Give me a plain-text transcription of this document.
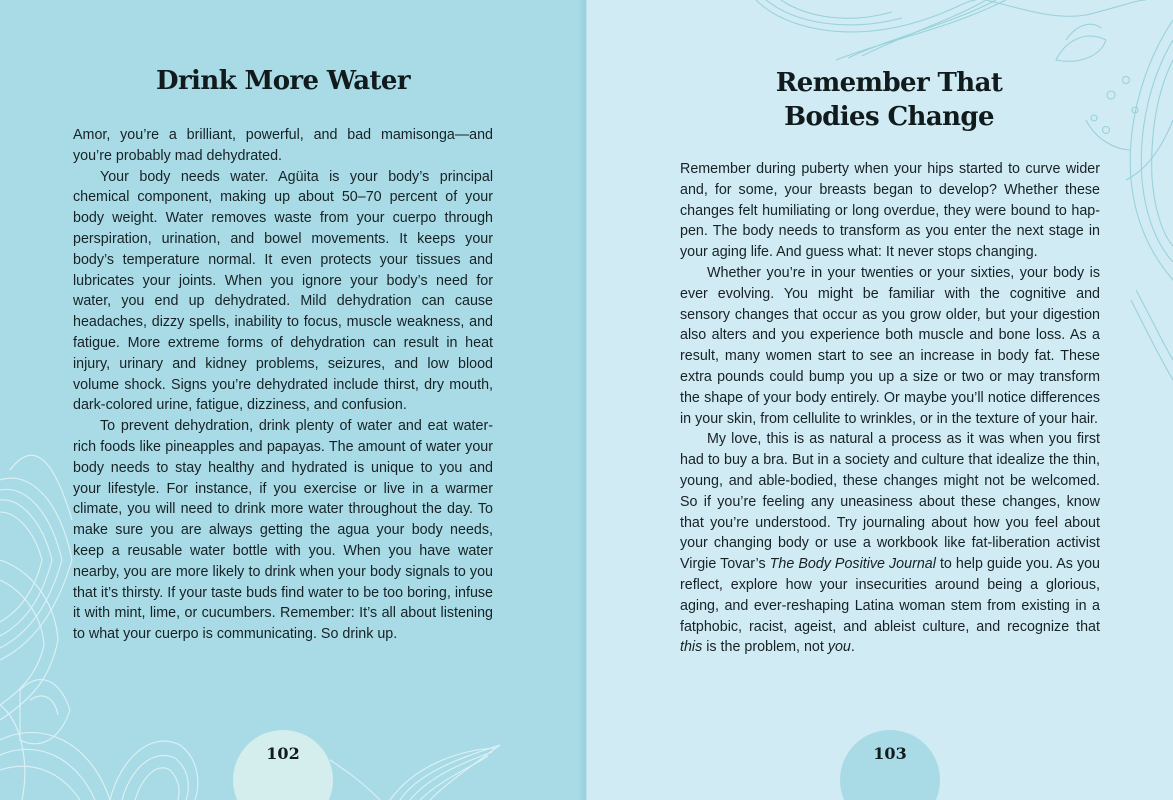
Drink More Water

Amor, you’re a brilliant, powerful, and bad mamisonga—and you’re probably mad dehydrated.

Your body needs water. Agüita is your body’s principal chemical component, making up about 50–70 percent of your body weight. Water removes waste from your cuerpo through perspiration, urination, and bowel movements. It keeps your body’s temperature normal. It even protects your tissues and lubricates your joints. When you ignore your body’s need for water, you end up dehydrated. Mild dehydration can cause headaches, dizzy spells, inability to focus, muscle weakness, and fatigue. More extreme forms of dehydration can result in heat injury, urinary and kidney problems, seizures, and low blood volume shock. Signs you’re dehydrated include thirst, dry mouth, dark-colored urine, fatigue, dizziness, and confusion.

To prevent dehydration, drink plenty of water and eat water-rich foods like pineapples and papayas. The amount of water your body needs to stay healthy and hydrated is unique to you and your lifestyle. For instance, if you exercise or live in a warmer climate, you will need to drink more water throughout the day. To make sure you are always getting the agua your body needs, keep a reusable water bottle with you. When you have water nearby, you are more likely to drink when your body signals to you that it’s thirsty. If your taste buds find water to be too boring, infuse it with mint, lime, or cucumbers. Remember: It’s all about listening to what your cuerpo is communicating. So drink up.

102
Remember That
Bodies Change

Remember during puberty when your hips started to curve wider and, for some, your breasts began to develop? Whether these changes felt humiliating or long overdue, they were bound to happen. The body needs to transform as you enter the next stage in your aging life. And guess what: It never stops changing.

Whether you’re in your twenties or your sixties, your body is ever evolving. You might be familiar with the cognitive and sensory changes that occur as you grow older, but your digestion also alters and you experience both muscle and bone loss. As a result, many women start to see an increase in body fat. These extra pounds could bump you up a size or two or may transform the shape of your body entirely. Or maybe you’ll notice differences in your skin, from cellulite to wrinkles, or in the texture of your hair.

My love, this is as natural a process as it was when you first had to buy a bra. But in a society and culture that idealize the thin, young, and able-bodied, these changes might not be welcomed. So if you’re feeling any uneasiness about these changes, know that you’re understood. Try journaling about how you feel about your changing body or use a workbook like fat-liberation activist Virgie Tovar’s The Body Positive Journal to help guide you. As you reflect, explore how your insecurities around being a glorious, aging, and ever-reshaping Latina woman stem from existing in a fatphobic, racist, ageist, and ableist culture, and recognize that this is the problem, not you.

103
